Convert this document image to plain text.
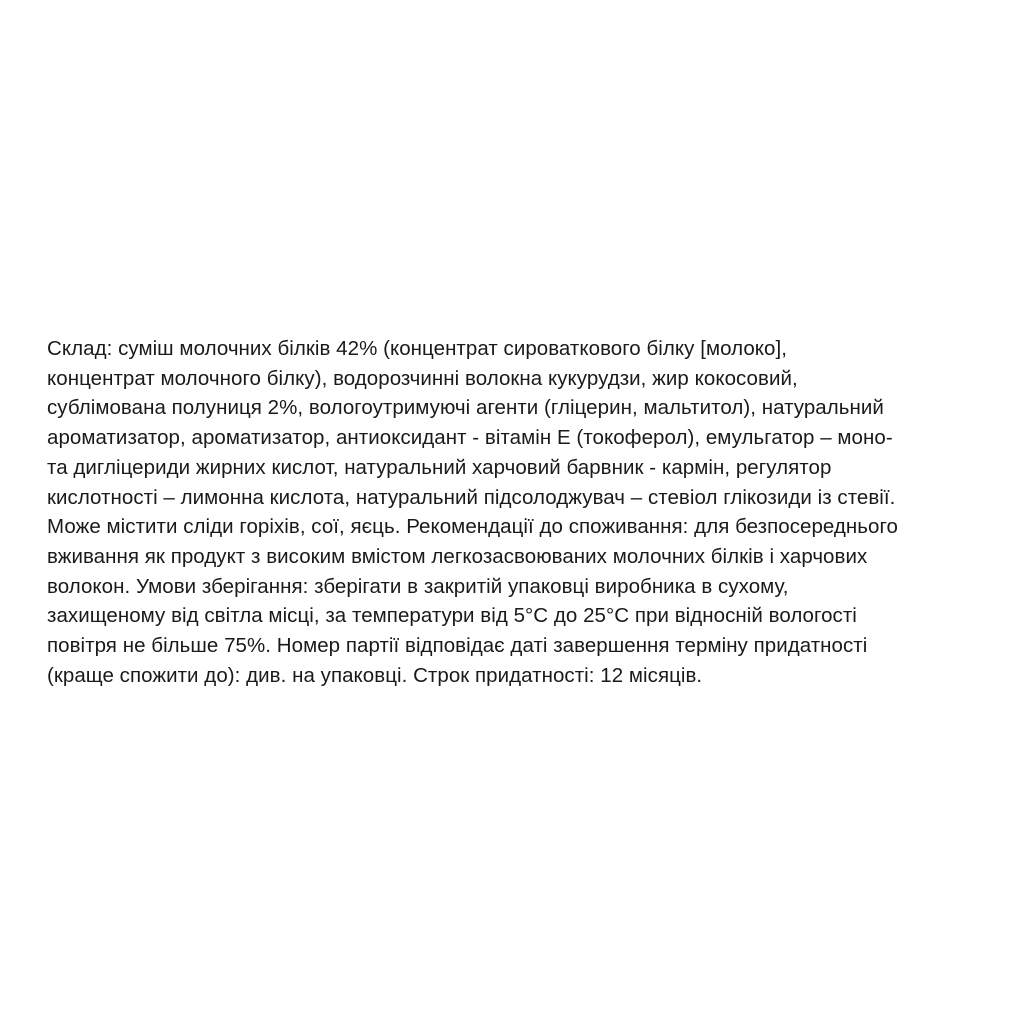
Склад: суміш молочних білків 42% (концентрат сироваткового білку [молоко],
концентрат молочного білку), водорозчинні волокна кукурудзи, жир кокосовий,
сублімована полуниця 2%, вологоутримуючі агенти (гліцерин, мальтитол), натуральний
ароматизатор, ароматизатор, антиоксидант - вітамін Е (токоферол), емульгатор – моно-
та дигліцериди жирних кислот, натуральний харчовий барвник - кармін, регулятор
кислотності – лимонна кислота, натуральний підсолоджувач – стевіол глікозиди із стевії.
Може містити сліди горіхів, сої, яєць. Рекомендації до споживання: для безпосереднього
вживання як продукт з високим вмістом легкозасвоюваних молочних білків і харчових
волокон. Умови зберігання: зберігати в закритій упаковці виробника в сухому,
захищеному від світла місці, за температури від 5°С до 25°С при відносній вологості
повітря не більше 75%. Номер партії відповідає даті завершення терміну придатності
(краще спожити до): див. на упаковці. Строк придатності: 12 місяців.
